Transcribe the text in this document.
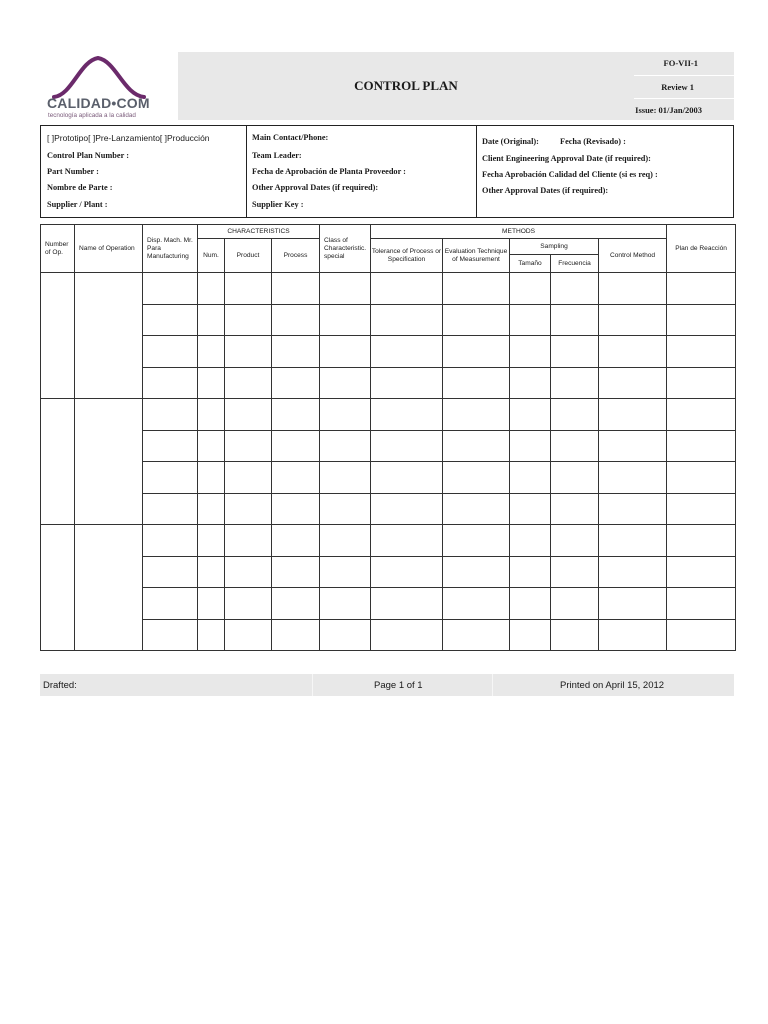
CALIDAD•COM
tecnología aplicada a la calidad
CONTROL PLAN
FO-VII-1
Review 1
Issue: 01/Jan/2003
[ ]Prototipo[ ]Pre-Lanzamiento[ ]Producción
Control Plan Number :
Part Number :
Nombre de Parte :
Supplier / Plant :
Main Contact/Phone:
Team Leader:
Fecha de Aprobación de Planta Proveedor :
Other Approval Dates (if required):
Supplier Key :
Date (Original):	Fecha (Revisado) :
Client Engineering Approval Date (if required):
Fecha Aprobación Calidad del Cliente (si es req) :
Other Approval Dates (if required):
Number of Op.	Name of Operation	Disp. Mach. Mr. Para Manufacturing	CHARACTERISTICS			Class of Characteristic. special	METHODS					Plan de Reacción
			Num.	Product	Process		Tolerance of Process or Specification	Evaluation Technique of Measurement	Sampling		Control Method	
									Tamaño	Frecuencia		

Drafted:	Page 1 of 1	Printed on April 15, 2012
